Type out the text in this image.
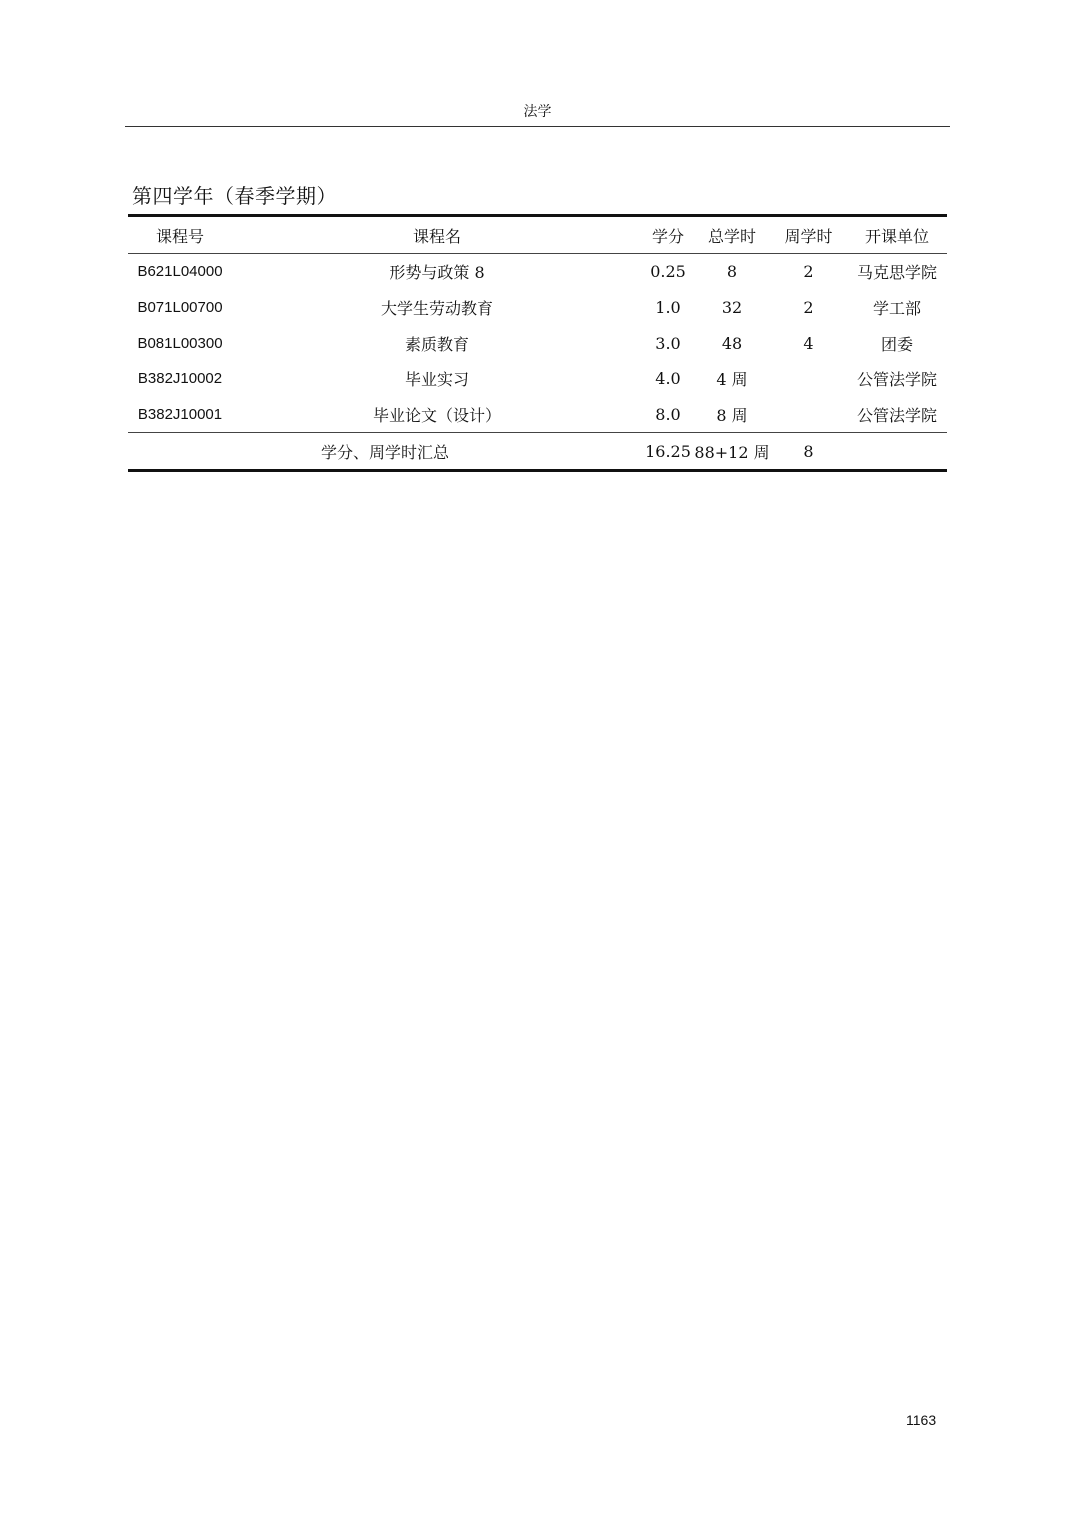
法学
第四学年（春季学期）
课程号	课程名	学分	总学时	周学时	开课单位
B621L04000	形势与政策 8	0.25	8	2	马克思学院
B071L00700	大学生劳动教育	1.0	32	2	学工部
B081L00300	素质教育	3.0	48	4	团委
B382J10002	毕业实习	4.0	4 周		公管法学院
B382J10001	毕业论文（设计）	8.0	8 周		公管法学院
学分、周学时汇总		16.25	88+12 周	8	
1163
